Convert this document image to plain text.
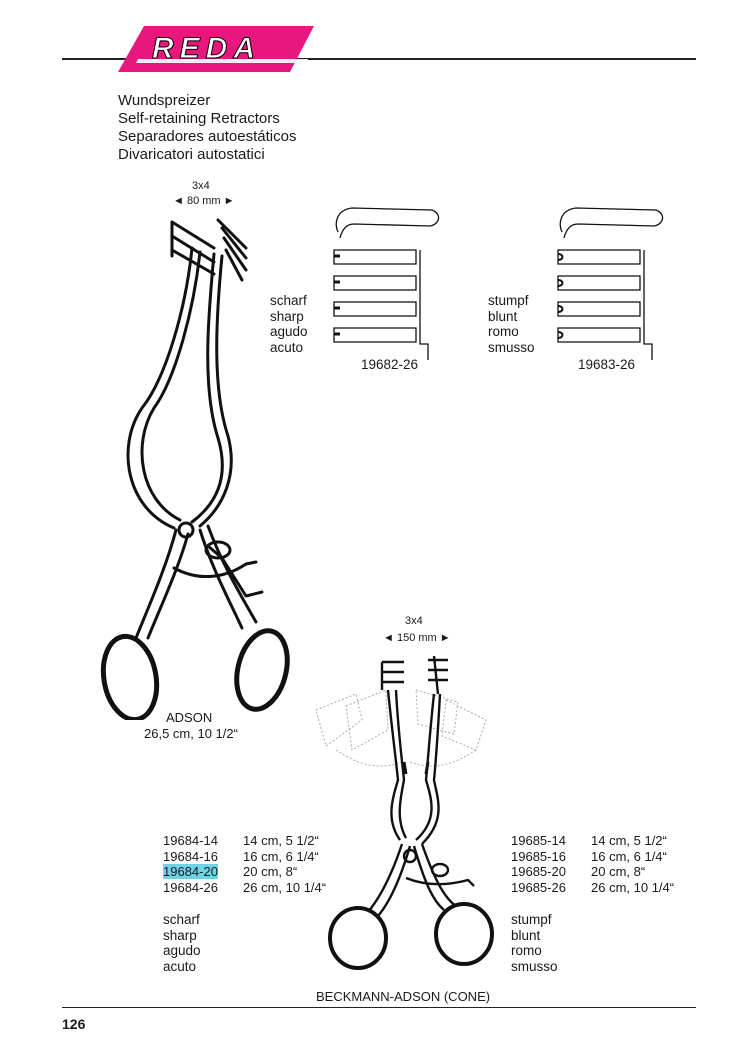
REDA
Wundspreizer
Self-retaining Retractors
Separadores autoestáticos
Divaricatori autostatici
3x4
◄ 80 mm ►
ADSON
26,5 cm, 10 1/2“
scharf
sharp
agudo
acuto
19682-26
stumpf
blunt
romo
smusso
19683-26
3x4
◄ 150 mm ►
BECKMANN-ADSON (CONE)
19684-14	14 cm, 5 1/2“
19684-16	16 cm, 6 1/4“
19684-20	20 cm, 8“
19684-26	26 cm, 10 1/4“
19685-14	14 cm, 5 1/2“
19685-16	16 cm, 6 1/4“
19685-20	20 cm, 8“
19685-26	26 cm, 10 1/4“
scharf
sharp
agudo
acuto
stumpf
blunt
romo
smusso
126
